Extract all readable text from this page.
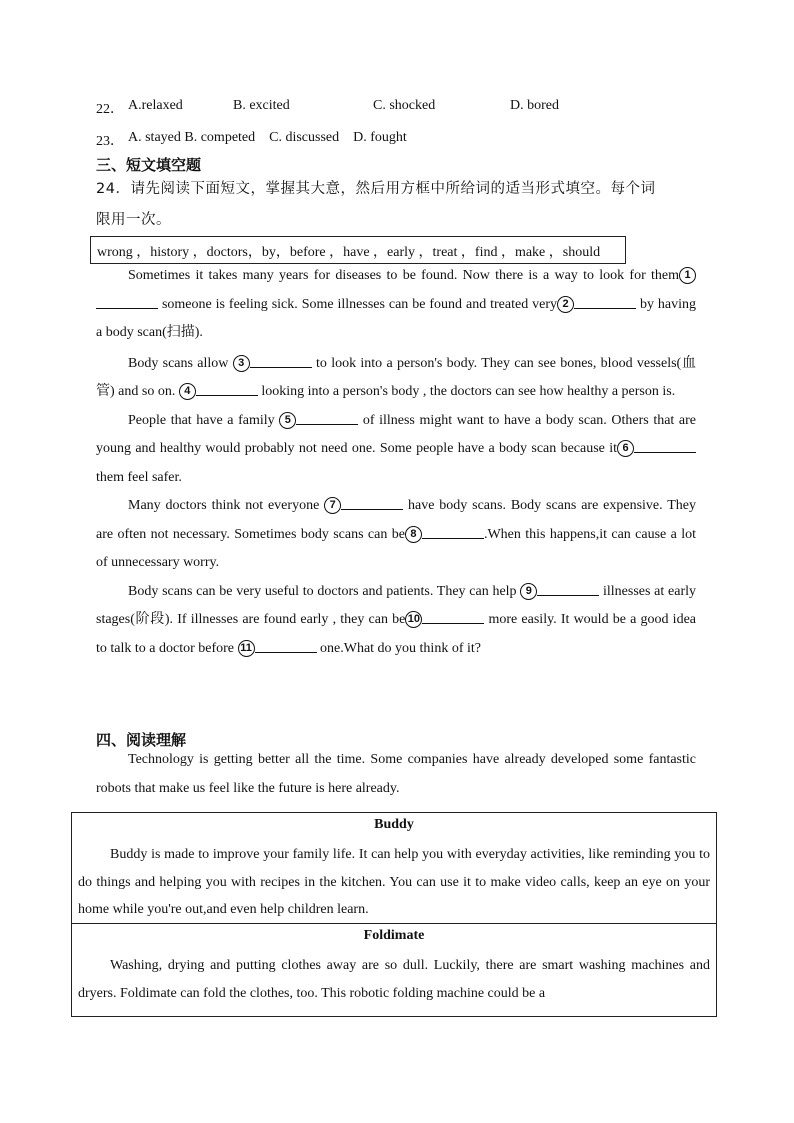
22． A.relaxed	B. excited	C. shocked	D. bored
23． A. stayed B. competed    C. discussed    D. fought
三、短文填空题
24．请先阅读下面短文，掌握其大意，然后用方框中所给词的适当形式填空。每个词
限用一次。
wrong ，history ，doctors，by，before ，have ，early ，treat ，find ，make ，should

Sometimes it takes many years for diseases to be found. Now there is a way to look for them 1 someone is feeling sick. Some illnesses can be found and treated very 2	by having a body scan(扫描).

Body scans allow 3	to look into a person's body. They can see bones, blood vessels(血管) and so on. 4	looking into a person's body , the doctors can see how healthy a person is.

People that have a family 5	of illness might want to have a body scan. Others that are young and healthy would probably not need one. Some people have a body scan because it 6 them feel safer.

Many doctors think not everyone 7	have body scans. Body scans are expensive. They are often not necessary. Sometimes body scans can be 8	.When this happens,it can cause a lot of unnecessary worry.

Body scans can be very useful to doctors and patients. They can help 9	illnesses at early stages(阶段). If illnesses are found early , they can be 10	more easily. It would be a good idea to talk to a doctor before 11	one.What do you think of it?

四、阅读理解

Technology is getting better all the time. Some companies have already developed some fantastic robots that make us feel like the future is here already.

Buddy

Buddy is made to improve your family life. It can help you with everyday activities, like reminding you to do things and helping you with recipes in the kitchen. You can use it to make video calls, keep an eye on your home while you're out,and even help children learn.

Foldimate

Washing, drying and putting clothes away are so dull. Luckily, there are smart washing machines and dryers. Foldimate can fold the clothes, too. This robotic folding machine could be a
